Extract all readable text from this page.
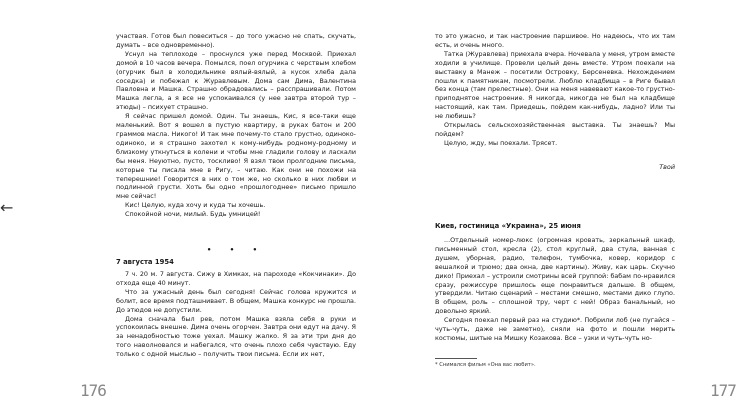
←

участвая. Готов был повеситься – до того ужасно не спать, скучать, думать – все одновременно).

Уснул на теплоходе – проснулся уже перед Москвой. Приехал домой в 10 часов вечера. Помылся, поел огурчика с черствым хлебом (огурчик был в холодильнике вялый-вялый, а кусок хлеба дала соседка) и побежал к Журавлевым. Дома сам Дима, Валентина Павловна и Машка. Страшно обрадовались – расспрашивали. Потом Машка легла, а я все не успокаивался (у нее завтра второй тур – этюды) – психует страшно.

Я сейчас пришел домой. Один. Ты знаешь, Кис, я все-таки еще маленький. Вот я вошел в пустую квартиру, в руках батон и 200 граммов масла. Никого! И так мне почему-то стало грустно, одиноко-одиноко, и я страшно захотел к кому-нибудь родному-родному и близкому уткнуться в колени и чтобы мне гладили голову и ласкали бы меня. Неуютно, пусто, тоскливо! Я взял твои пролгодние письма, которые ты писала мне в Ригу, – читаю. Как они не похожи на теперешние! Говорится в них о том же, но сколько в них любви и подлинной грусти. Хоть бы одно «прошлогоднее» письмо пришло мне сейчас!

Кис! Целую, куда хочу и куда ты хочешь.

Спокойной ночи, милый. Будь умницей!

• • •
7 августа 1954

7 ч. 20 м. 7 августа. Сижу в Химках, на пароходе «Кокчинаки». До отхода еще 40 минут.

Что за ужасный день был сегодня! Сейчас голова кружится и болит, все время подташнивает. В общем, Машка конкурс не прошла. До этюдов не допустили.

Дома сначала был рев, потом Машка взяла себя в руки и успокоилась внешне. Дима очень огорчен. Завтра они едут на дачу. Я за ненадобностью тоже уехал. Машку жалко. Я за эти три дня до того наволновался и набегался, что очень плохо себя чувствую. Еду только с одной мыслью – получить твои письма. Если их нет,

то это ужасно, и так настроение паршивое. Но надеюсь, что их там есть, и очень много.

Татка (Журавлева) приехала вчера. Ночевала у меня, утром вместе ходили в училище. Провели целый день вместе. Утром поехали на выставку в Манеж – посетили Островку, Берсеневка. Нехождением пошли к памятникам, посмотрели. Люблю кладбища – в Риге бывал без конца (там прелестные). Они на меня навевают какое-то грустно-приподнятое настроение. Я никогда, никогда не был на кладбище настоящий, как там. Приедешь, пойдем как-нибудь, ладно? Или ты не любишь?

Открылась сельскохозяйственная выставка. Ты знаешь? Мы пойдем?

Целую, жду, мы поехали. Трясет.

Твой
Киев, гостиница «Украина», 25 июня

...Отдельный номер-люкс (огромная кровать, зеркальный шкаф, письменный стол, кресла (2), стол круглый, два стула, ванная с душем, уборная, радио, телефон, тумбочка, ковер, коридор с вешалкой и трюмо; два окна, две картины). Живу, как царь. Скучно дико! Приехал – устроили смотрины всей группой: бабам по-нравился сразу, режиссуре пришлось еще понравиться дальше. В общем, утвердили. Читаю сценарий – местами смешно, местами дико глупо. В общем, роль – сплошной тру, черт с ней! Образ банальный, но довольно яркий.

Сегодня поехал первый раз на студию*. Побрили лоб (не пугайся – чуть-чуть, даже не заметно), сняли на фото и пошли мерить костюмы, шитые на Мишку Козакова. Все – узки и чуть-чуть но-

* Снимался фильм «Она вас любит».
176	177
